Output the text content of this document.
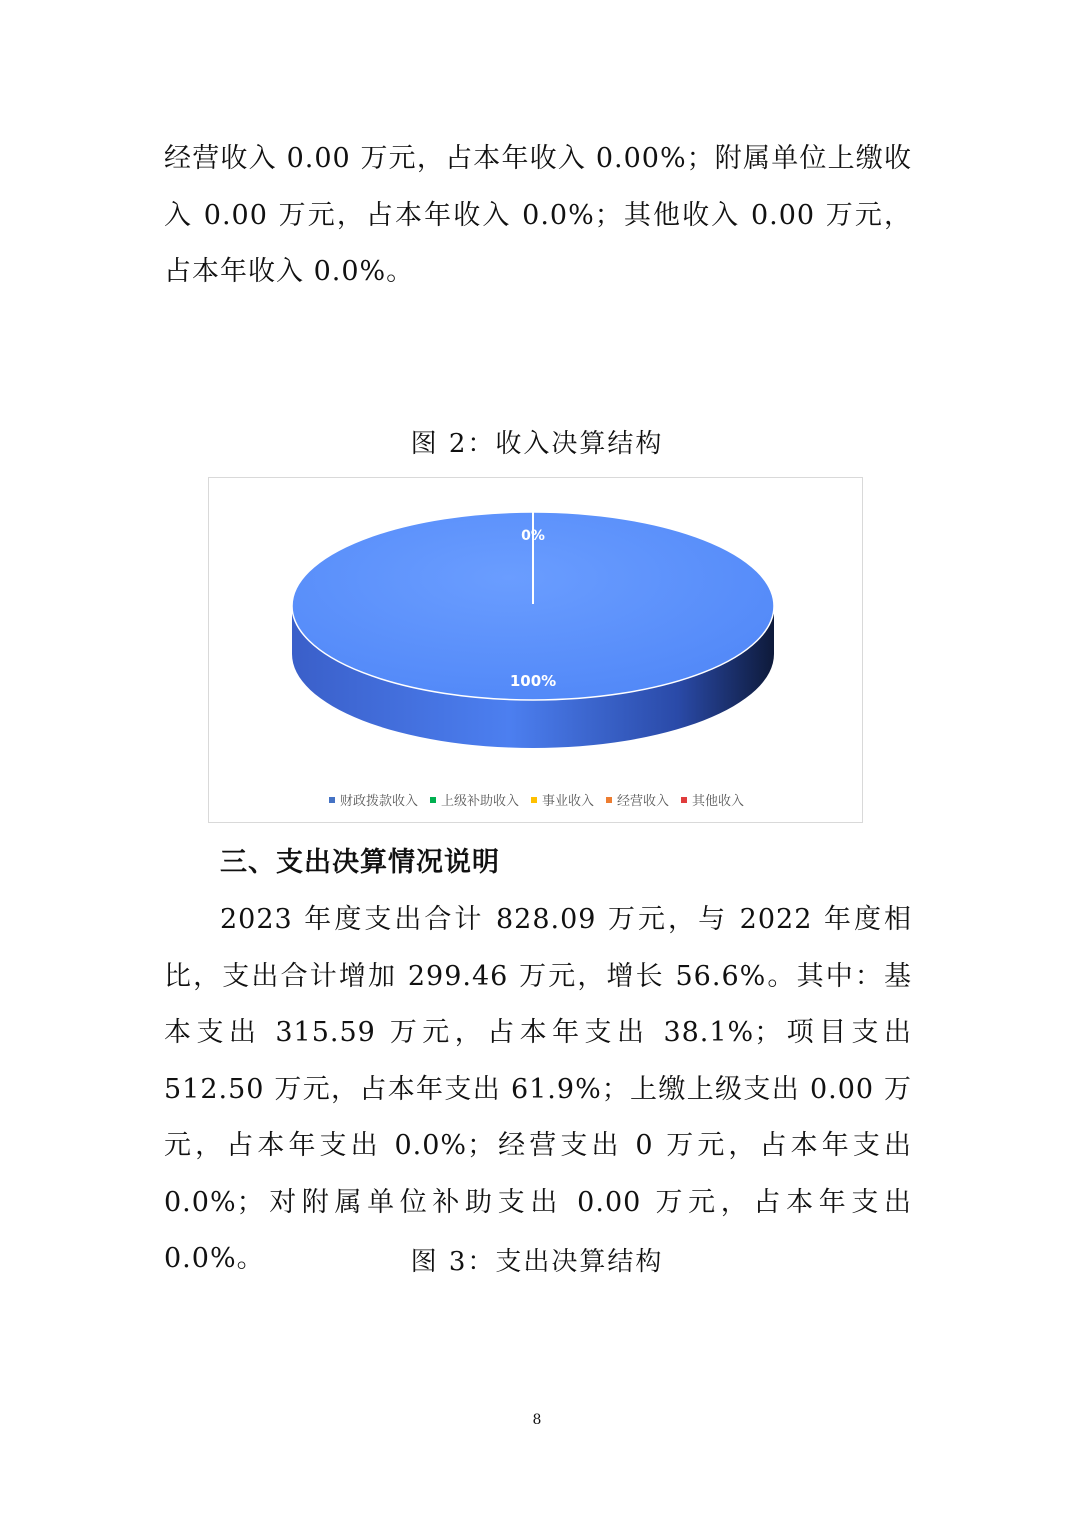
经营收入 0.00 万元，占本年收入 0.00%；附属单位上缴收入 0.00 万元，占本年收入 0.0%；其他收入 0.00 万元，占本年收入 0.0%。

图 2：收入决算结构

0%
100%
财政拨款收入 上级补助收入 事业收入 经营收入 其他收入
三、支出决算情况说明

2023 年度支出合计 828.09 万元，与 2022 年度相比，支出合计增加 299.46 万元，增长 56.6%。其中：基本支出 315.59 万元，占本年支出 38.1%；项目支出 512.50 万元，占本年支出 61.9%；上缴上级支出 0.00 万元，占本年支出 0.0%；经营支出 0 万元，占本年支出 0.0%；对附属单位补助支出 0.00 万元，占本年支出 0.0%。	图 3：支出决算结构

8
